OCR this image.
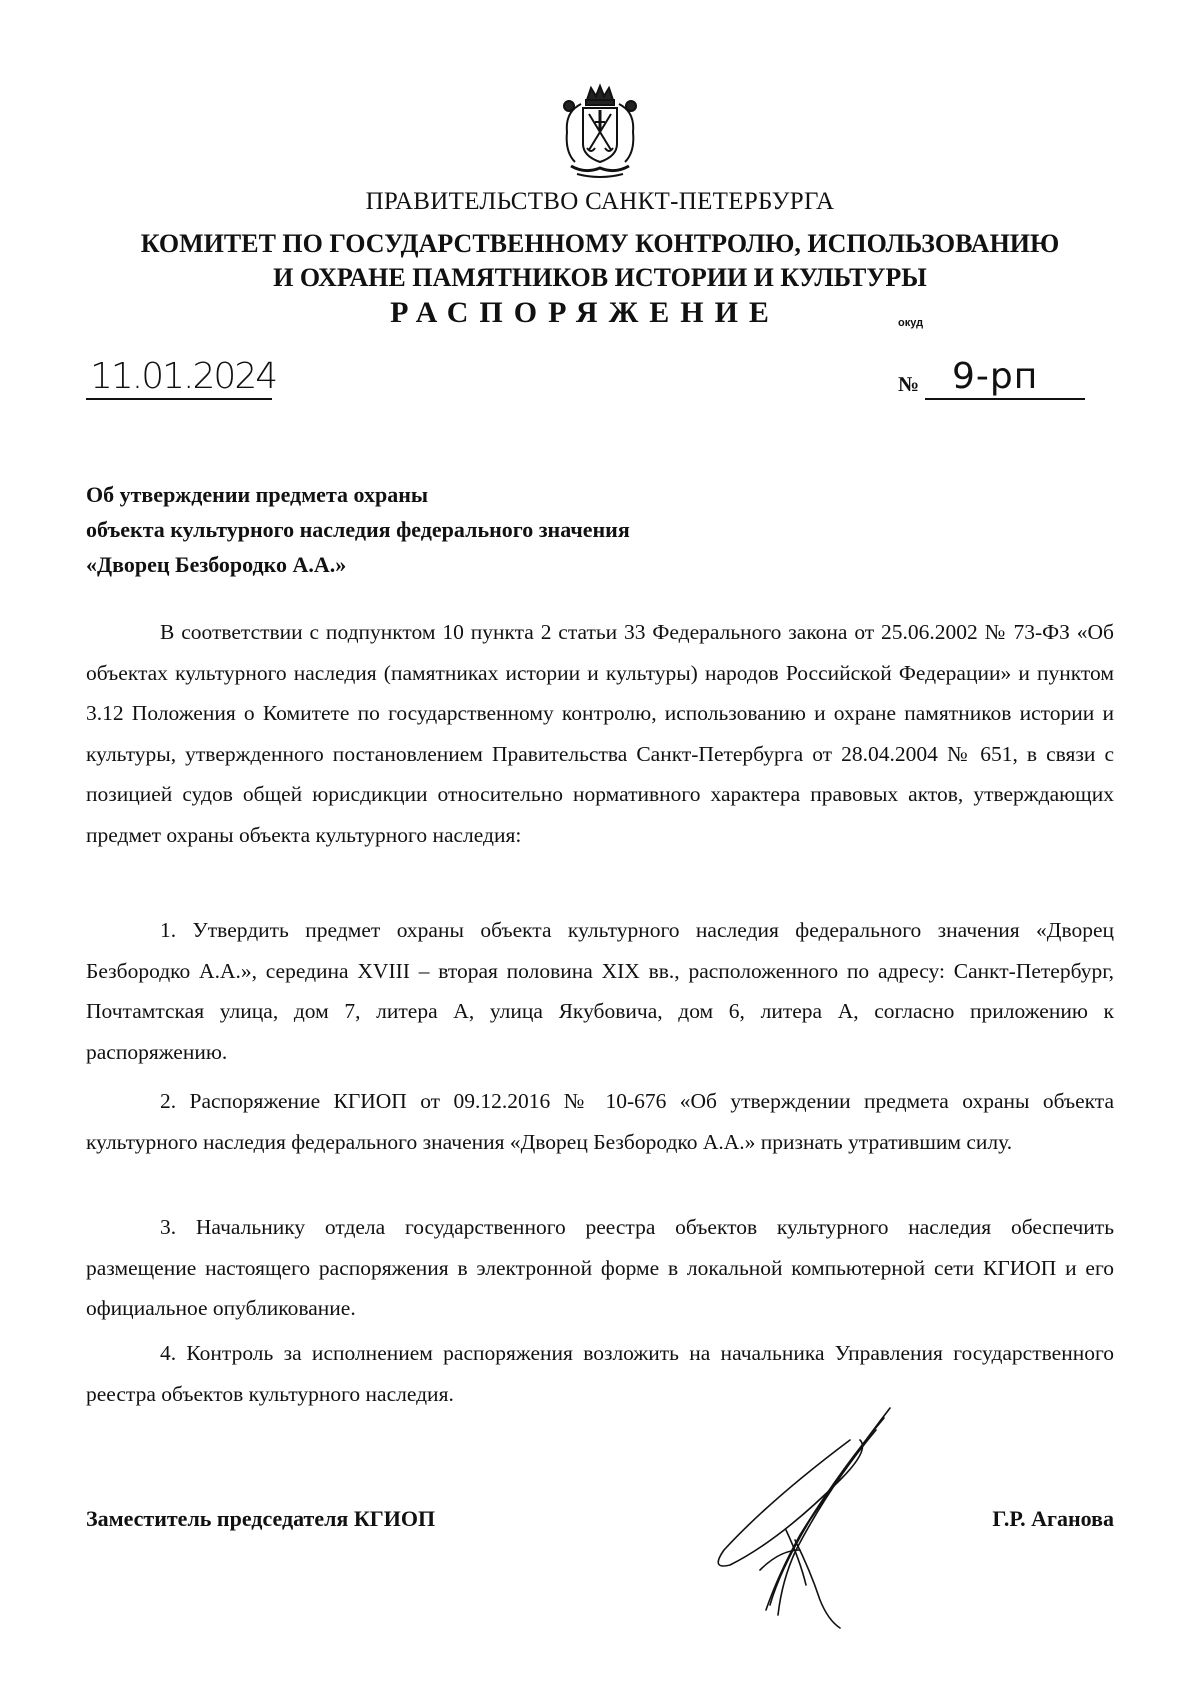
ПРАВИТЕЛЬСТВО САНКТ-ПЕТЕРБУРГА
КОМИТЕТ ПО ГОСУДАРСТВЕННОМУ КОНТРОЛЮ, ИСПОЛЬЗОВАНИЮ
И ОХРАНЕ ПАМЯТНИКОВ ИСТОРИИ И КУЛЬТУРЫ
РАСПОРЯЖЕНИЕ	окуд
11.01.2024	№ 9-рп
Об утверждении предмета охраны
объекта культурного наследия федерального значения
«Дворец Безбородко А.А.»

В соответствии с подпунктом 10 пункта 2 статьи 33 Федерального закона от 25.06.2002 № 73-ФЗ «Об объектах культурного наследия (памятниках истории и культуры) народов Российской Федерации» и пунктом 3.12 Положения о Комитете по государственному контролю, использованию и охране памятников истории и культуры, утвержденного постановлением Правительства Санкт-Петербурга от 28.04.2004 № 651, в связи с позицией судов общей юрисдикции относительно нормативного характера правовых актов, утверждающих предмет охраны объекта культурного наследия:

1. Утвердить предмет охраны объекта культурного наследия федерального значения «Дворец Безбородко А.А.», середина XVIII – вторая половина XIX вв., расположенного по адресу: Санкт-Петербург, Почтамтская улица, дом 7, литера А, улица Якубовича, дом 6, литера А, согласно приложению к распоряжению.

2. Распоряжение КГИОП от 09.12.2016 № 10-676 «Об утверждении предмета охраны объекта культурного наследия федерального значения «Дворец Безбородко А.А.» признать утратившим силу.

3. Начальнику отдела государственного реестра объектов культурного наследия обеспечить размещение настоящего распоряжения в электронной форме в локальной компьютерной сети КГИОП и его официальное опубликование.

4. Контроль за исполнением распоряжения возложить на начальника Управления государственного реестра объектов культурного наследия.

Заместитель председателя КГИОП	Г.Р. Аганова
